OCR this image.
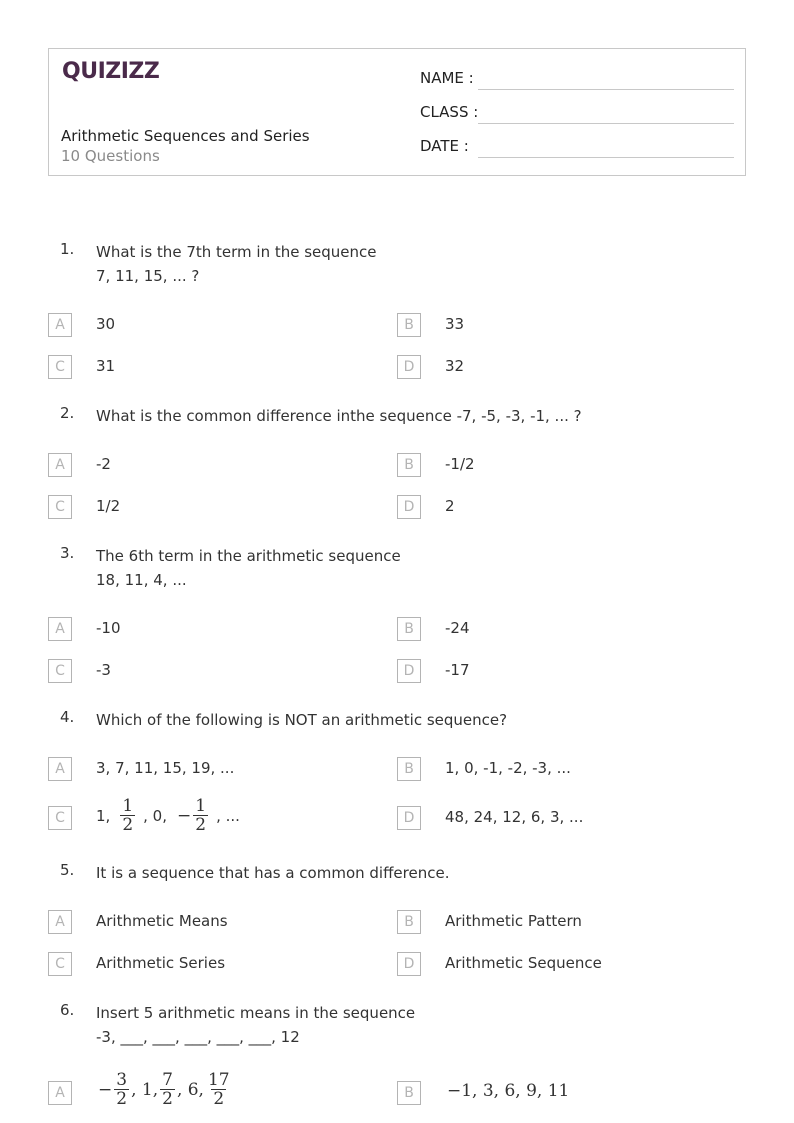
QUIZIZZ
Arithmetic Sequences and Series
10 Questions
NAME :
CLASS :
DATE :
1. What is the 7th term in the sequence
7, 11, 15, ... ?
A	30	B	33
C	31	D	32
2. What is the common difference inthe sequence -7, -5, -3, -1, ... ?
A	-2	B	-1/2
C	1/2	D	2
3. The 6th term in the arithmetic sequence
18, 11, 4, ...
A	-10	B	-24
C	-3	D	-17
4. Which of the following is NOT an arithmetic sequence?
A	3, 7, 11, 15, 19, ...	B	1, 0, -1, -2, -3, ...
C	1, $\frac{1}{2}$ , 0, − $\frac{1}{2}$ , ...	D	48, 24, 12, 6, 3, ...
5. It is a sequence that has a common difference.
A	Arithmetic Means	B	Arithmetic Pattern
C	Arithmetic Series	D	Arithmetic Sequence
6. Insert 5 arithmetic means in the sequence
-3, ___, ___, ___, ___, ___, 12
A	− $\frac{3}{2}$ , 1, $\frac{7}{2}$ , 6, $\frac{17}{2}$	B	−1, 3, 6, 9, 11
